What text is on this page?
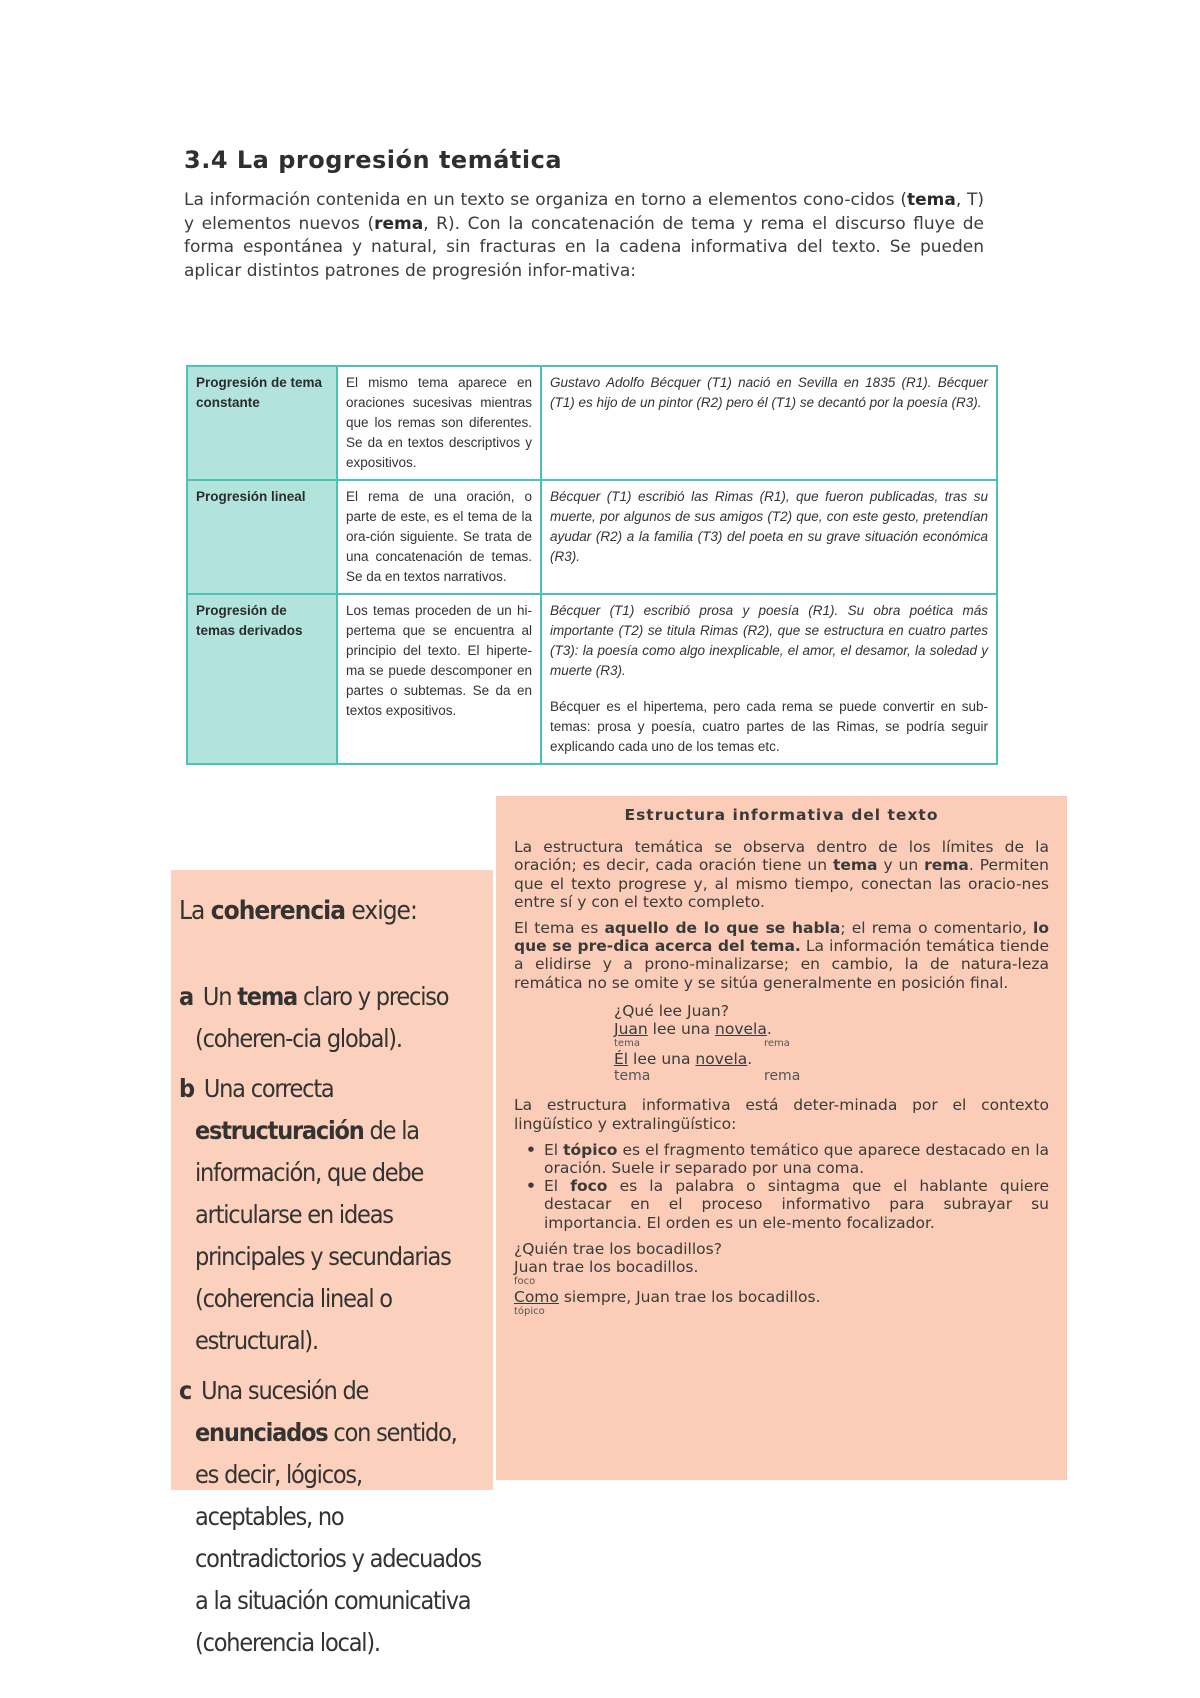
3.4 La progresión temática

La información contenida en un texto se organiza en torno a elementos cono-cidos (tema, T) y elementos nuevos (rema, R). Con la concatenación de tema y rema el discurso fluye de forma espontánea y natural, sin fracturas en la cadena informativa del texto. Se pueden aplicar distintos patrones de progresión infor-mativa:

Progresión de tema constante	El mismo tema aparece en oraciones sucesivas mientras que los remas son diferentes. Se da en textos descriptivos y expositivos.	Gustavo Adolfo Bécquer (T1) nació en Sevilla en 1835 (R1). Bécquer (T1) es hijo de un pintor (R2) pero él (T1) se decantó por la poesía (R3).
Progresión lineal	El rema de una oración, o parte de este, es el tema de la ora-ción siguiente. Se trata de una concatenación de temas. Se da en textos narrativos.	Bécquer (T1) escribió las Rimas (R1), que fueron publicadas, tras su muerte, por algunos de sus amigos (T2) que, con este gesto, pretendían ayudar (R2) a la familia (T3) del poeta en su grave situación económica (R3).
Progresión de temas derivados	Los temas proceden de un hi-pertema que se encuentra al principio del texto. El hiperte-ma se puede descomponer en partes o subtemas. Se da en textos expositivos.	Bécquer (T1) escribió prosa y poesía (R1). Su obra poética más importante (T2) se titula Rimas (R2), que se estructura en cuatro partes (T3): la poesía como algo inexplicable, el amor, el desamor, la soledad y muerte (R3).
Bécquer es el hipertema, pero cada rema se puede convertir en sub-temas: prosa y poesía, cuatro partes de las Rimas, se podría seguir explicando cada uno de los temas etc.
La coherencia exige:
a Un tema claro y preciso (coheren-cia global).
b Una correcta estructuración de la información, que debe articularse en ideas principales y secundarias (coherencia lineal o estructural).
c Una sucesión de enunciados con sentido, es decir, lógicos, aceptables, no contradictorios y adecuados a la situación comunicativa (coherencia local).
Estructura informativa del texto

La estructura temática se observa dentro de los límites de la oración; es decir, cada oración tiene un tema y un rema. Permiten que el texto progrese y, al mismo tiempo, conectan las oracio-nes entre sí y con el texto completo.

El tema es aquello de lo que se habla; el rema o comentario, lo que se pre-dica acerca del tema. La información temática tiende a elidirse y a prono-minalizarse; en cambio, la de natura-leza remática no se omite y se sitúa generalmente en posición final.

¿Qué lee Juan?
Juan lee una novela.
tema	rema
Él lee una novela.
tema	rema

La estructura informativa está deter-minada por el contexto lingüístico y extralingüístico:

• El tópico es el fragmento temático que aparece destacado en la oración. Suele ir separado por una coma.
• El foco es la palabra o sintagma que el hablante quiere destacar en el proceso informativo para subrayar su importancia. El orden es un ele-mento focalizador.
¿Quién trae los bocadillos?
Juan trae los bocadillos.
foco
Como siempre, Juan trae los bocadillos.
tópico
